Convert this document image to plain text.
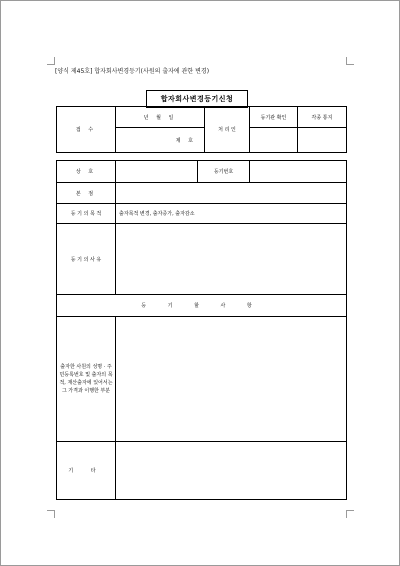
[양식 제45호] 합자회사변경등기(사원의 출자에 관한 변경)
합자회사변경등기신청
접 수	년 월 일	처 리 인	등기관 확인	각종 통지
	제 호			
상 호		등기번호	
본 점			
등 기 의 목 적	출자목적 변경, 출자증가, 출자감소		
등 기 의 사 유			
등 기 할 사 항			
출자한 사원의 성명 · 주민등록번호 및 출자의 목적, 재산출자에 있어서는 그 가격과 이행한 부분			
기 타			
